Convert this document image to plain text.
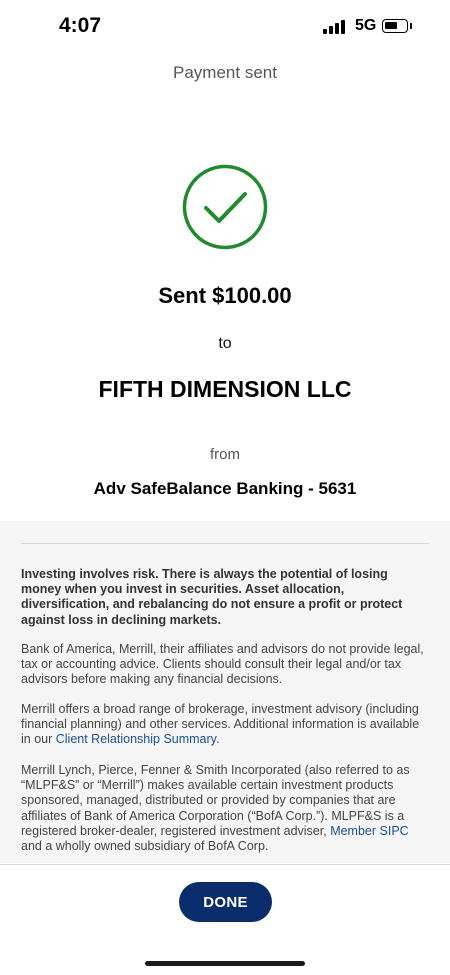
4:07	5G
Payment sent
Sent $100.00
to
FIFTH DIMENSION LLC
from
Adv SafeBalance Banking - 5631
Investing involves risk. There is always the potential of losing money when you invest in securities. Asset allocation, diversification, and rebalancing do not ensure a profit or protect against loss in declining markets.
Bank of America, Merrill, their affiliates and advisors do not provide legal, tax or accounting advice. Clients should consult their legal and/or tax advisors before making any financial decisions.
Merrill offers a broad range of brokerage, investment advisory (including financial planning) and other services. Additional information is available in our Client Relationship Summary.
Merrill Lynch, Pierce, Fenner & Smith Incorporated (also referred to as “MLPF&S” or “Merrill”) makes available certain investment products sponsored, managed, distributed or provided by companies that are affiliates of Bank of America Corporation (“BofA Corp.”). MLPF&S is a registered broker-dealer, registered investment adviser, Member SIPC and a wholly owned subsidiary of BofA Corp.
DONE
